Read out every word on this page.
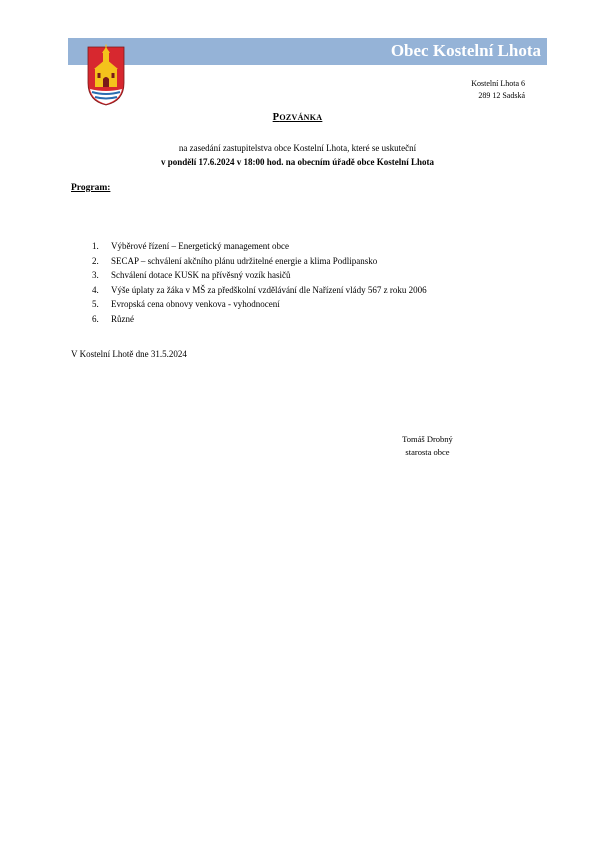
Obec Kostelní Lhota
Kostelní Lhota 6
289 12 Sadská
POZVÁNKA
na zasedání zastupitelstva obce Kostelní Lhota, které se uskuteční
v pondělí 17.6.2024 v 18:00 hod. na obecním úřadě obce Kostelní Lhota
Program:
1. Výběrové řízení – Energetický management obce
2. SECAP – schválení akčního plánu udržitelné energie a klima Podlipansko
3. Schválení dotace KUSK na přívěsný vozík hasičů
4. Výše úplaty za žáka v MŠ za předškolní vzdělávání dle Nařízení vlády 567 z roku 2006
5. Evropská cena obnovy venkova - vyhodnocení
6. Různé
V Kostelní Lhotě dne 31.5.2024
Tomáš Drobný
starosta obce
